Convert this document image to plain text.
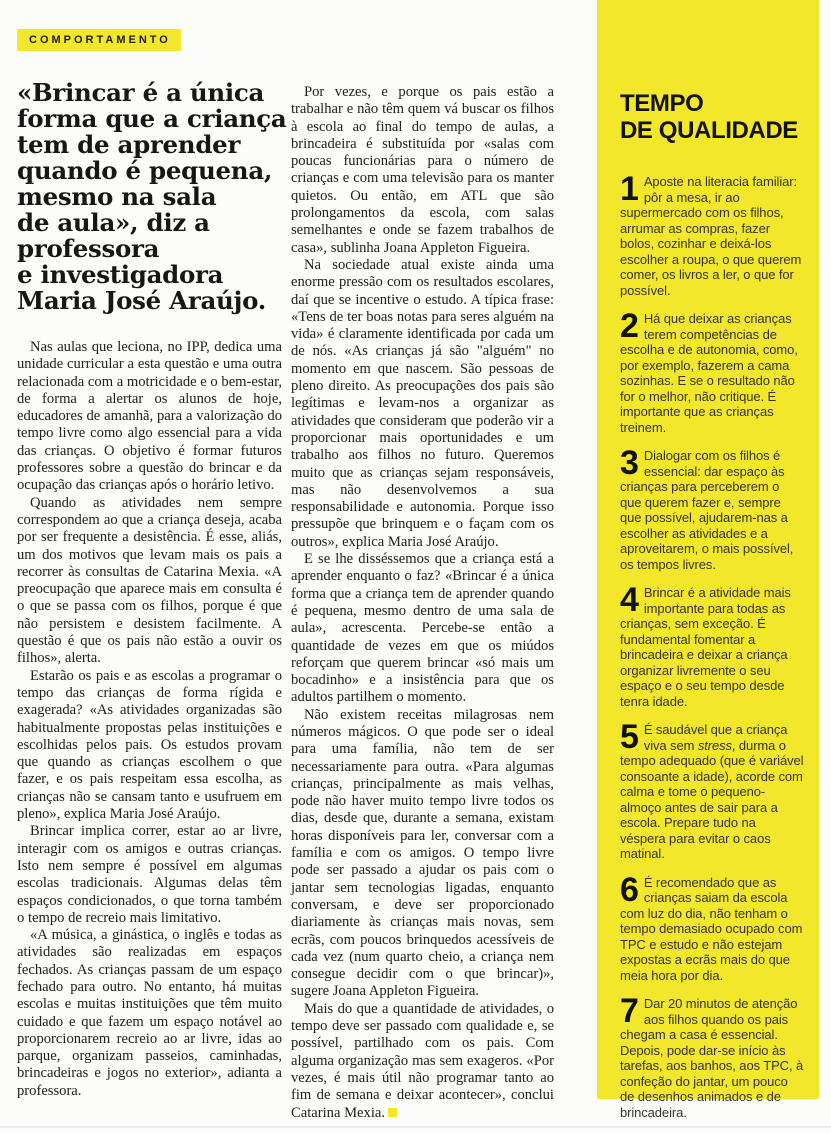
COMPORTAMENTO
«Brincar é a única
forma que a criança
tem de aprender
quando é pequena,
mesmo na sala
de aula», diz a
professora
e investigadora
Maria José Araújo.

Nas aulas que leciona, no IPP, dedica uma unidade curricular a esta questão e uma outra relacionada com a motricidade e o bem-estar, de forma a alertar os alunos de hoje, educadores de amanhã, para a valorização do tempo livre como algo essencial para a vida das crianças. O objetivo é formar futuros professores sobre a questão do brincar e da ocupação das crianças após o horário letivo.

Quando as atividades nem sempre correspondem ao que a criança deseja, acaba por ser frequente a desistência. É esse, aliás, um dos motivos que levam mais os pais a recorrer às consultas de Catarina Mexia. «A preocupação que aparece mais em consulta é o que se passa com os filhos, porque é que não persistem e desistem facilmente. A questão é que os pais não estão a ouvir os filhos», alerta.

Estarão os pais e as escolas a programar o tempo das crianças de forma rígida e exagerada? «As atividades organizadas são habitualmente propostas pelas instituições e escolhidas pelos pais. Os estudos provam que quando as crianças escolhem o que fazer, e os pais respeitam essa escolha, as crianças não se cansam tanto e usufruem em pleno», explica Maria José Araújo.

Brincar implica correr, estar ao ar livre, interagir com os amigos e outras crianças. Isto nem sempre é possível em algumas escolas tradicionais. Algumas delas têm espaços condicionados, o que torna também o tempo de recreio mais limitativo.

«A música, a ginástica, o inglês e todas as atividades são realizadas em espaços fechados. As crianças passam de um espaço fechado para outro. No entanto, há muitas escolas e muitas instituições que têm muito cuidado e que fazem um espaço notável ao proporcionarem recreio ao ar livre, idas ao parque, organizam passeios, caminhadas, brincadeiras e jogos no exterior», adianta a professora.

Por vezes, e porque os pais estão a trabalhar e não têm quem vá buscar os filhos à escola ao final do tempo de aulas, a brincadeira é substituída por «salas com poucas funcionárias para o número de crianças e com uma televisão para os manter quietos. Ou então, em ATL que são prolongamentos da escola, com salas semelhantes e onde se fazem trabalhos de casa», sublinha Joana Appleton Figueira.

Na sociedade atual existe ainda uma enorme pressão com os resultados escolares, daí que se incentive o estudo. A típica frase: «Tens de ter boas notas para seres alguém na vida» é claramente identificada por cada um de nós. «As crianças já são "alguém" no momento em que nascem. São pessoas de pleno direito. As preocupações dos pais são legítimas e levam-nos a organizar as atividades que consideram que poderão vir a proporcionar mais oportunidades e um trabalho aos filhos no futuro. Queremos muito que as crianças sejam responsáveis, mas não desenvolvemos a sua responsabilidade e autonomia. Porque isso pressupõe que brinquem e o façam com os outros», explica Maria José Araújo.

E se lhe disséssemos que a criança está a aprender enquanto o faz? «Brincar é a única forma que a criança tem de aprender quando é pequena, mesmo dentro de uma sala de aula», acrescenta. Percebe-se então a quantidade de vezes em que os miúdos reforçam que querem brincar «só mais um bocadinho» e a insistência para que os adultos partilhem o momento.

Não existem receitas milagrosas nem números mágicos. O que pode ser o ideal para uma família, não tem de ser necessariamente para outra. «Para algumas crianças, principalmente as mais velhas, pode não haver muito tempo livre todos os dias, desde que, durante a semana, existam horas disponíveis para ler, conversar com a família e com os amigos. O tempo livre pode ser passado a ajudar os pais com o jantar sem tecnologias ligadas, enquanto conversam, e deve ser proporcionado diariamente às crianças mais novas, sem ecrãs, com poucos brinquedos acessíveis de cada vez (num quarto cheio, a criança nem consegue decidir com o que brincar)», sugere Joana Appleton Figueira.

Mais do que a quantidade de atividades, o tempo deve ser passado com qualidade e, se possível, partilhado com os pais. Com alguma organização mas sem exageros. «Por vezes, é mais útil não programar tanto ao fim de semana e deixar acontecer», conclui Catarina Mexia.

TEMPO
DE QUALIDADE
1 Aposte na literacia familiar: pôr a mesa, ir ao supermercado com os filhos, arrumar as compras, fazer bolos, cozinhar e deixá-los escolher a roupa, o que querem comer, os livros a ler, o que for possível.
2 Há que deixar as crianças terem competências de escolha e de autonomia, como, por exemplo, fazerem a cama sozinhas. E se o resultado não for o melhor, não critique. É importante que as crianças treinem.
3 Dialogar com os filhos é essencial: dar espaço às crianças para perceberem o que querem fazer e, sempre que possível, ajudarem-nas a escolher as atividades e a aproveitarem, o mais possível, os tempos livres.
4 Brincar é a atividade mais importante para todas as crianças, sem exceção. É fundamental fomentar a brincadeira e deixar a criança organizar livremente o seu espaço e o seu tempo desde tenra idade.
5 É saudável que a criança viva sem stress, durma o tempo adequado (que é variável consoante a idade), acorde com calma e tome o pequeno-almoço antes de sair para a escola. Prepare tudo na véspera para evitar o caos matinal.
6 É recomendado que as crianças saiam da escola com luz do dia, não tenham o tempo demasiado ocupado com TPC e estudo e não estejam expostas a ecrãs mais do que meia hora por dia.
7 Dar 20 minutos de atenção aos filhos quando os pais chegam a casa é essencial. Depois, pode dar-se início às tarefas, aos banhos, aos TPC, à confeção do jantar, um pouco de desenhos animados e de brincadeira.
